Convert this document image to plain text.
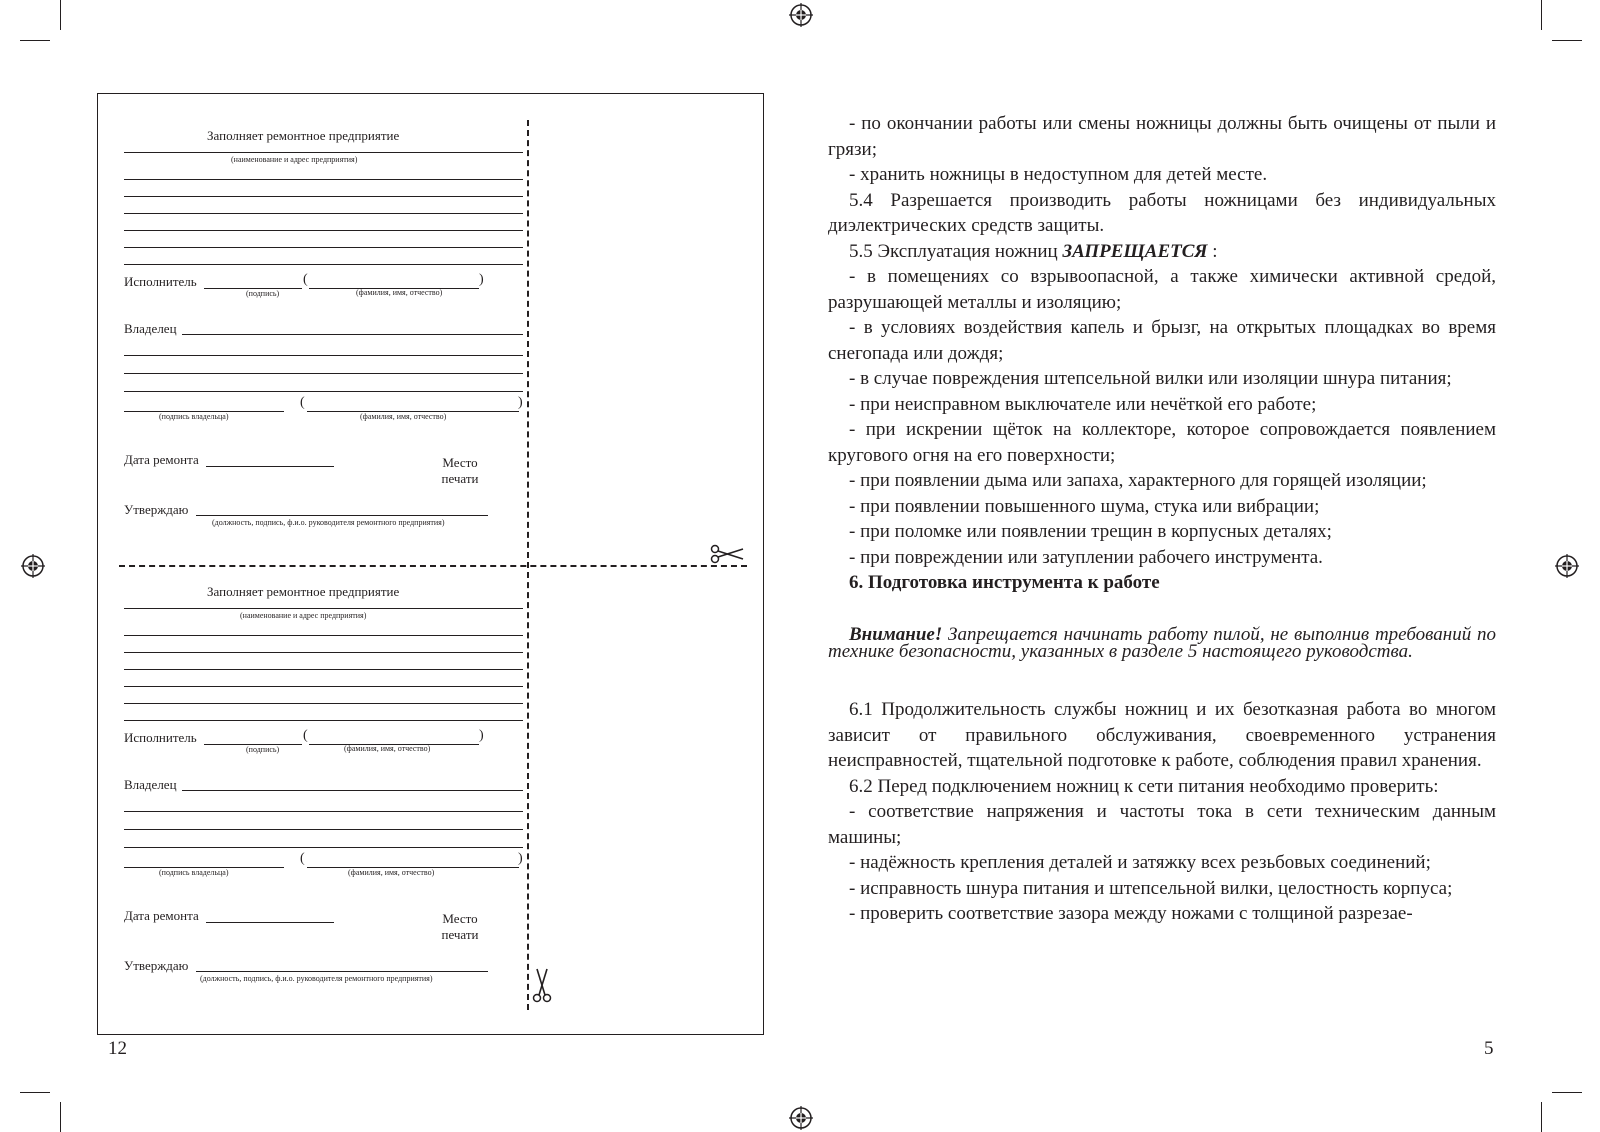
Заполняет ремонтное предприятие
(наименование и адрес предприятия)
Исполнитель	(	)
(подпись)	(фамилия, имя, отчество)
Владелец
(	)
(подпись владельца)	(фамилия, имя, отчество)
Дата ремонта	Место
печати
Утверждаю
(должность, подпись, ф.и.о. руководителя ремонтного предприятия)
Заполняет ремонтное предприятие
(наименование и адрес предприятия)
Исполнитель	(	)
(подпись)	(фамилия, имя, отчество)
Владелец
(	)
(подпись владельца)	(фамилия, имя, отчество)
Дата ремонта	Место
печати
Утверждаю
(должность, подпись, ф.и.о. руководителя ремонтного предприятия)
12

- по окончании работы или смены ножницы должны быть очищены от пыли и грязи;

- хранить ножницы в недоступном для детей месте.

5.4 Разрешается производить работы ножницами без индивидуальных диэлектрических средств защиты.

5.5 Эксплуатация ножниц ЗАПРЕЩАЕТСЯ :

- в помещениях со взрывоопасной, а также химически активной средой, разрушающей металлы и изоляцию;

- в условиях воздействия капель и брызг, на открытых площадках во время снегопада или дождя;

- в случае повреждения штепсельной вилки или изоляции шнура питания;

- при неисправном выключателе или нечёткой его работе;

- при искрении щёток на коллекторе, которое сопровождается появлением кругового огня на его поверхности;

- при появлении дыма или запаха, характерного для горящей изоляции;

- при появлении повышенного шума, стука или вибрации;

- при поломке или появлении трещин в корпусных деталях;

- при повреждении или затуплении рабочего инструмента.

6. Подготовка инструмента к работе

Внимание! Запрещается начинать работу пилой, не выполнив требований по технике безопасности, указанных в разделе 5 настоящего руководства.

6.1 Продолжительность службы ножниц и их безотказная работа во многом зависит от правильного обслуживания, своевременного устранения неисправностей, тщательной подготовке к работе, соблюдения правил хранения.

6.2 Перед подключением ножниц к сети питания необходимо проверить:

- соответствие напряжения и частоты тока в сети техническим данным машины;

- надёжность крепления деталей и затяжку всех резьбовых соединений;

- исправность шнура питания и штепсельной вилки, целостность корпуса;

- проверить соответствие зазора между ножами с толщиной разрезае-

5
